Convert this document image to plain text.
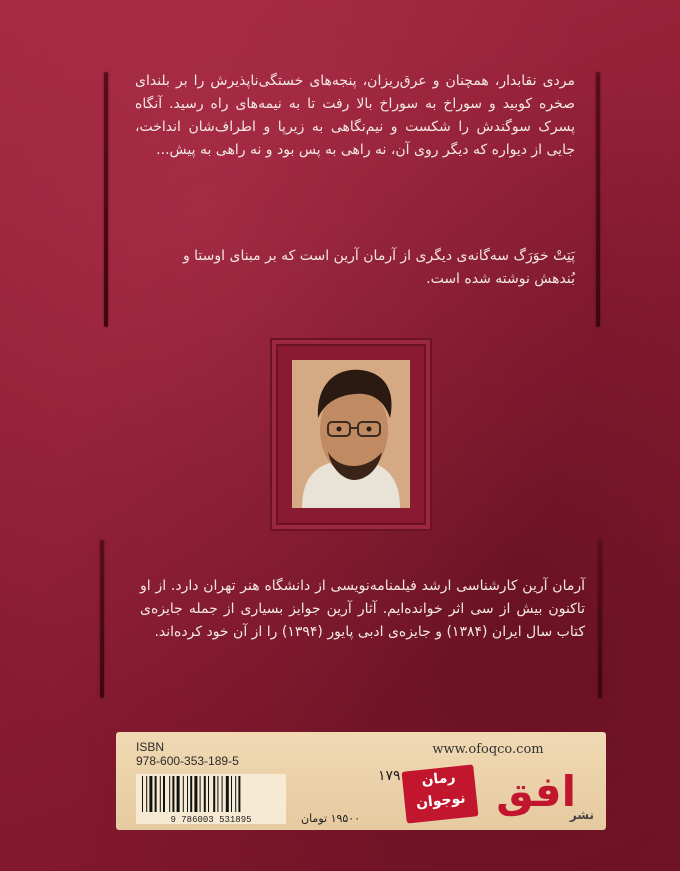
مردی نقابدار، همچنان و عرق‌ریزان، پنجه‌های خستگی‌ناپذیرش را بر بلندای صخره کوبید و سوراخ به سوراخ بالا رفت تا به نیمه‌های راه رسید. آنگاه پسرک سوگندش را شکست و نیم‌نگاهی به زیرپا و اطراف‌شان انداخت، جایی از دیواره که دیگر روی آن، نه راهی به پس بود و نه راهی به پیش...
پَتِتْ خوَرَگ سه‌گانه‌ی دیگری از آرمان آرین است که بر مبنای اوستا و بُندهش نوشته شده است.
آرمان آرین کارشناسی ارشد فیلمنامه‌نویسی از دانشگاه هنر تهران دارد. از او تاکنون بیش از سی اثر خوانده‌ایم. آثار آرین جوایز بسیاری از جمله جایزه‌ی کتاب سال ایران (۱۳۸۴) و جایزه‌ی ادبی پایور (۱۳۹۴) را از آن خود کرده‌اند.
ISBN
978-600-353-189-5
9 786003 531895	۱۹۵۰۰ تومان
www.ofoqco.com
۱۷۹	رمان
نوجوان افق
نشر
